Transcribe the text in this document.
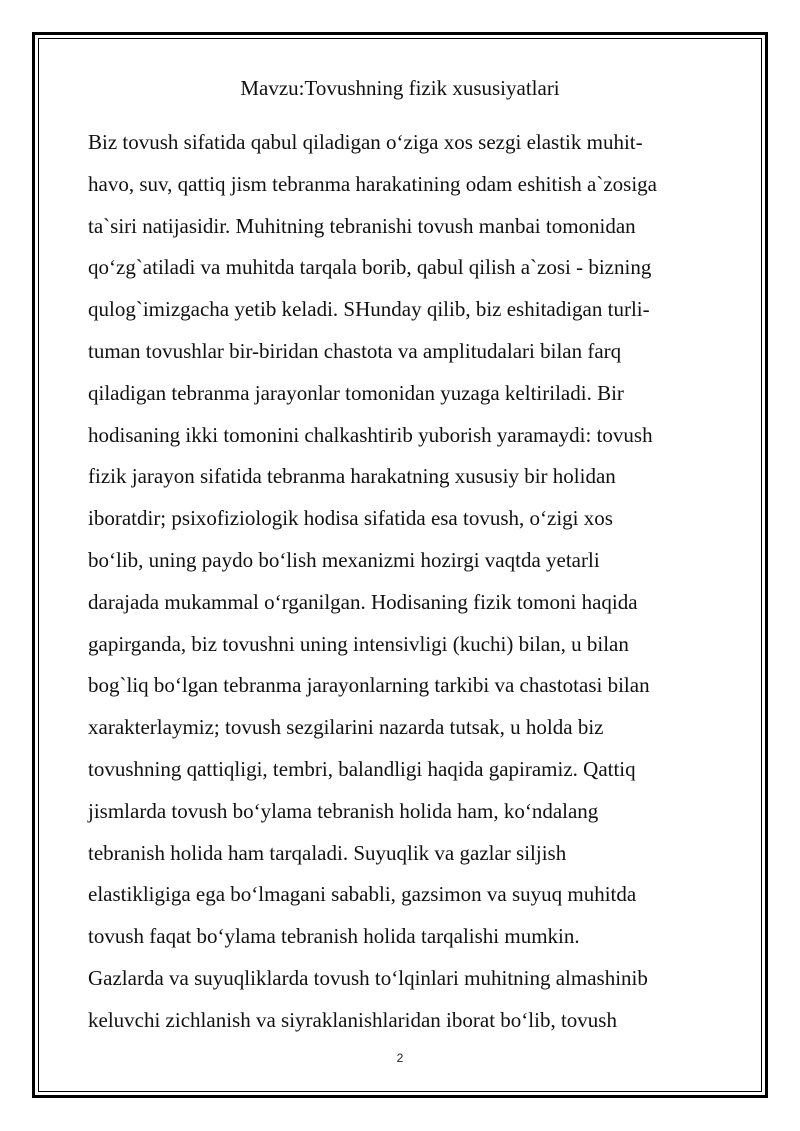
Mavzu:Tovushning fizik xususiyatlari
Biz tovush sifatida qabul qiladigan o‘ziga xos sezgi elastik muhit-
havo, suv, qattiq jism tebranma harakatining odam eshitish a`zosiga
ta`siri natijasidir. Muhitning tebranishi tovush manbai tomonidan
qo‘zg`atiladi va muhitda tarqala borib, qabul qilish a`zosi - bizning
qulog`imizgacha yetib keladi. SHunday qilib, biz eshitadigan turli-
tuman tovushlar bir-biridan chastota va amplitudalari bilan farq
qiladigan tebranma jarayonlar tomonidan yuzaga keltiriladi. Bir
hodisaning ikki tomonini chalkashtirib yuborish yaramaydi: tovush
fizik jarayon sifatida tebranma harakatning xususiy bir holidan
iboratdir; psixofiziologik hodisa sifatida esa tovush, o‘zigi xos
bo‘lib, uning paydo bo‘lish mexanizmi hozirgi vaqtda yetarli
darajada mukammal o‘rganilgan. Hodisaning fizik tomoni haqida
gapirganda, biz tovushni uning intensivligi (kuchi) bilan, u bilan
bog`liq bo‘lgan tebranma jarayonlarning tarkibi va chastotasi bilan
xarakterlaymiz; tovush sezgilarini nazarda tutsak, u holda biz
tovushning qattiqligi, tembri, balandligi haqida gapiramiz. Qattiq
jismlarda tovush bo‘ylama tebranish holida ham, ko‘ndalang
tebranish holida ham tarqaladi. Suyuqlik va gazlar siljish
elastikligiga ega bo‘lmagani sababli, gazsimon va suyuq muhitda
tovush faqat bo‘ylama tebranish holida tarqalishi mumkin.
Gazlarda va suyuqliklarda tovush to‘lqinlari muhitning almashinib
keluvchi zichlanish va siyraklanishlaridan iborat bo‘lib, tovush
2
